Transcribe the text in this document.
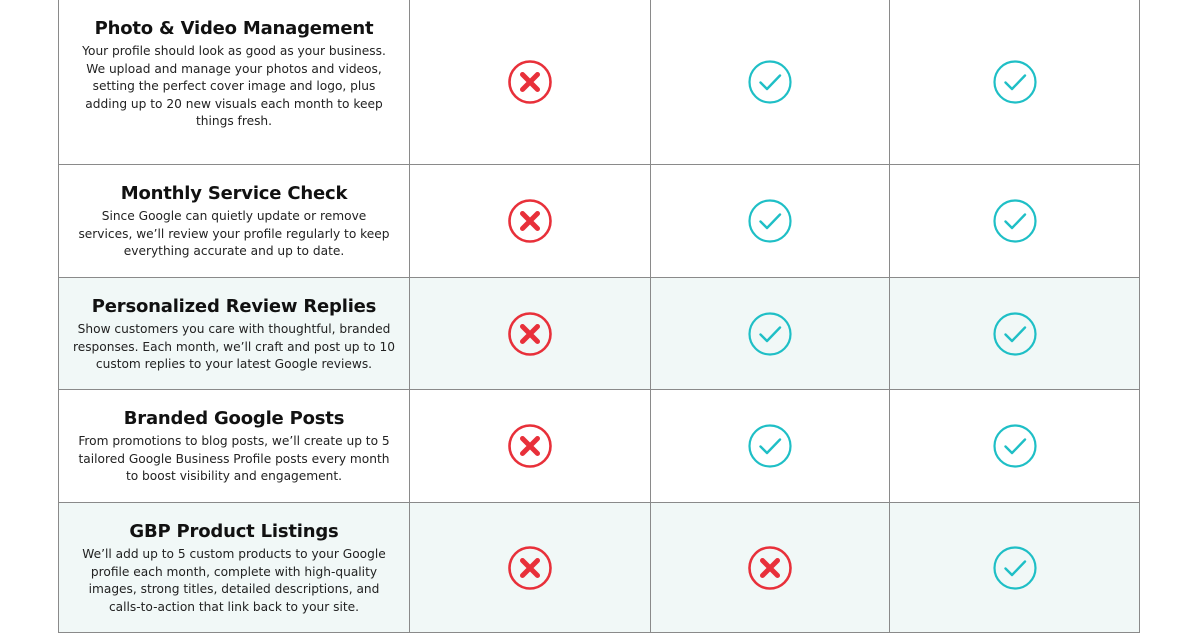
Photo & Video Management

Your profile should look as good as your business.
We upload and manage your photos and videos,
setting the perfect cover image and logo, plus
adding up to 20 new visuals each month to keep
things fresh.

Monthly Service Check

Since Google can quietly update or remove
services, we’ll review your profile regularly to keep
everything accurate and up to date.

Personalized Review Replies

Show customers you care with thoughtful, branded
responses. Each month, we’ll craft and post up to 10
custom replies to your latest Google reviews.

Branded Google Posts

From promotions to blog posts, we’ll create up to 5
tailored Google Business Profile posts every month
to boost visibility and engagement.

GBP Product Listings

We’ll add up to 5 custom products to your Google
profile each month, complete with high-quality
images, strong titles, detailed descriptions, and
calls-to-action that link back to your site.
